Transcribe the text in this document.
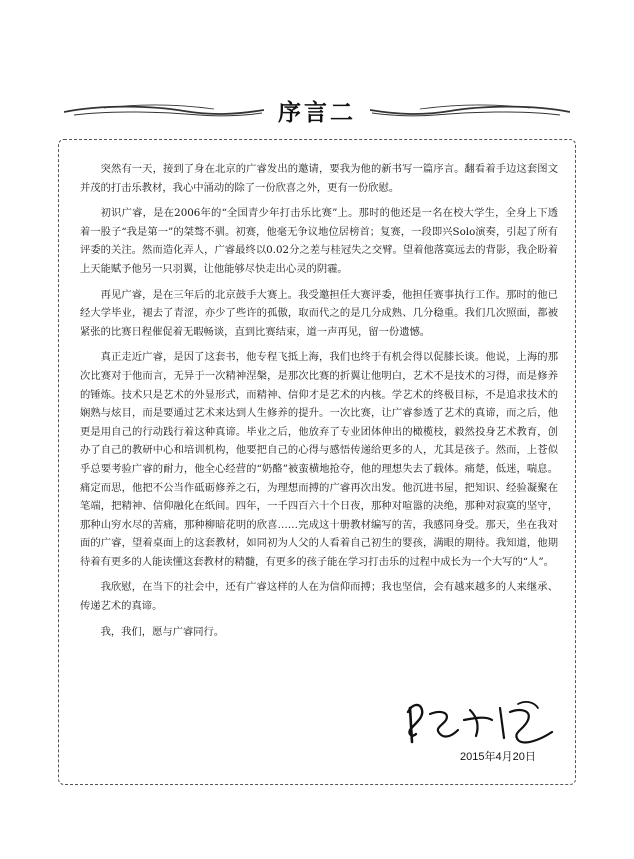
序言二

突然有一天，接到了身在北京的广睿发出的邀请，要我为他的新书写一篇序言。翻看着手边这套图文并茂的打击乐教材，我心中涌动的除了一份欣喜之外，更有一份欣慰。

初识广睿，是在2006年的“全国青少年打击乐比赛”上。那时的他还是一名在校大学生，全身上下透着一股子“我是第一”的桀骜不驯。初赛，他毫无争议地位居榜首；复赛，一段即兴Solo演奏，引起了所有评委的关注。然而造化弄人，广睿最终以0.02分之差与桂冠失之交臂。望着他落寞远去的背影，我企盼着上天能赋予他另一只羽翼，让他能够尽快走出心灵的阴霾。

再见广睿，是在三年后的北京鼓手大赛上。我受邀担任大赛评委，他担任赛事执行工作。那时的他已经大学毕业，褪去了青涩，亦少了些许的孤傲，取而代之的是几分成熟、几分稳重。我们几次照面，都被紧张的比赛日程催促着无暇畅谈，直到比赛结束，道一声再见，留一份遗憾。

真正走近广睿，是因了这套书，他专程飞抵上海，我们也终于有机会得以促膝长谈。他说，上海的那次比赛对于他而言，无异于一次精神涅槃，是那次比赛的折翼让他明白，艺术不是技术的习得，而是修养的锤炼。技术只是艺术的外显形式，而精神、信仰才是艺术的内核。学艺术的终极目标，不是追求技术的娴熟与炫目，而是要通过艺术来达到人生修养的提升。一次比赛，让广睿参透了艺术的真谛，而之后，他更是用自己的行动践行着这种真谛。毕业之后，他放弃了专业团体伸出的橄榄枝，毅然投身艺术教育，创办了自己的教研中心和培训机构，他要把自己的心得与感悟传递给更多的人，尤其是孩子。然而，上苍似乎总要考验广睿的耐力，他全心经营的“奶酪”被蛮横地抢夺，他的理想失去了载体。痛楚，低迷，喘息。痛定而思，他把不公当作砥砺修养之石，为理想而搏的广睿再次出发。他沉进书屋，把知识、经验凝聚在笔端，把精神、信仰融化在纸间。四年，一千四百六十个日夜，那种对喧嚣的决绝，那种对寂寞的坚守，那种山穷水尽的苦痛，那种柳暗花明的欣喜……完成这十册教材编写的苦，我感同身受。那天，坐在我对面的广睿，望着桌面上的这套教材，如同初为人父的人看着自己初生的婴孩，满眼的期待。我知道，他期待着有更多的人能读懂这套教材的精髓，有更多的孩子能在学习打击乐的过程中成长为一个大写的“人”。

我欣慰，在当下的社会中，还有广睿这样的人在为信仰而搏；我也坚信，会有越来越多的人来继承、传递艺术的真谛。

我，我们，愿与广睿同行。

2015年4月20日
